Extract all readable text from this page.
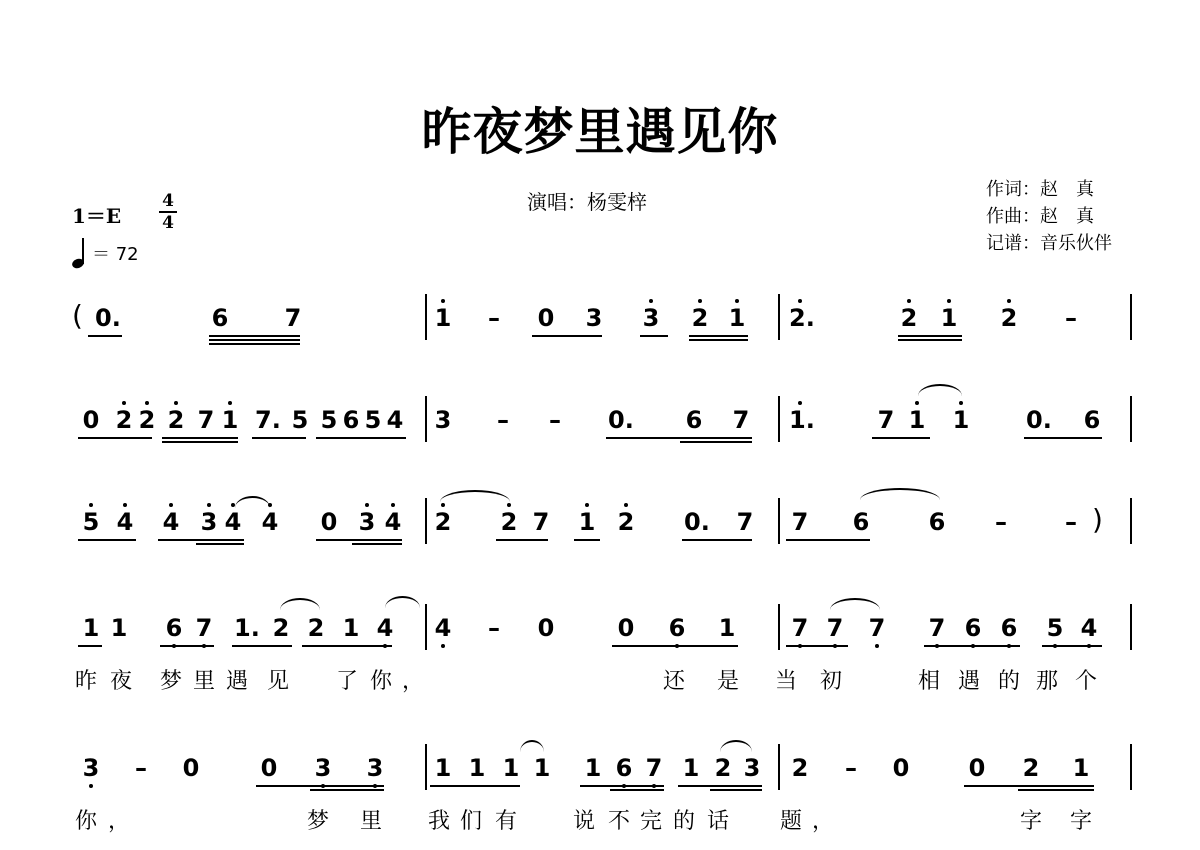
昨夜梦里遇见你
演唱：杨雯梓
作词：赵　真
作曲：赵　真
记谱：音乐伙伴
1＝E
4
4
＝ 72
( 0.	6 7	1 – 0 3 3 2 1 2.	2 1 2 –
0 2 2 2 7 1 7. 5 5 6 5 4 3 – – 0. 6 7 1.	7 1 1 0. 6
)
5 4 4 3 4 4 0 3 4 2 2 7 1 2 0. 7 7 6 6 – –
1 1 6 7 1. 2 2 1 4 4 – 0	0 6 1 7 7 7 7 6 6 5 4
昨 夜 梦 里 遇 见 了 你 ，	还 是 当 初	相 遇 的 那 个
3 – 0	0 3 3 1 1 1 1 1 6 7 1 2 3 2 – 0 0 2 1
你 ，	梦 里 我 们 有	说 不 完 的 话 题 ，	字 字
